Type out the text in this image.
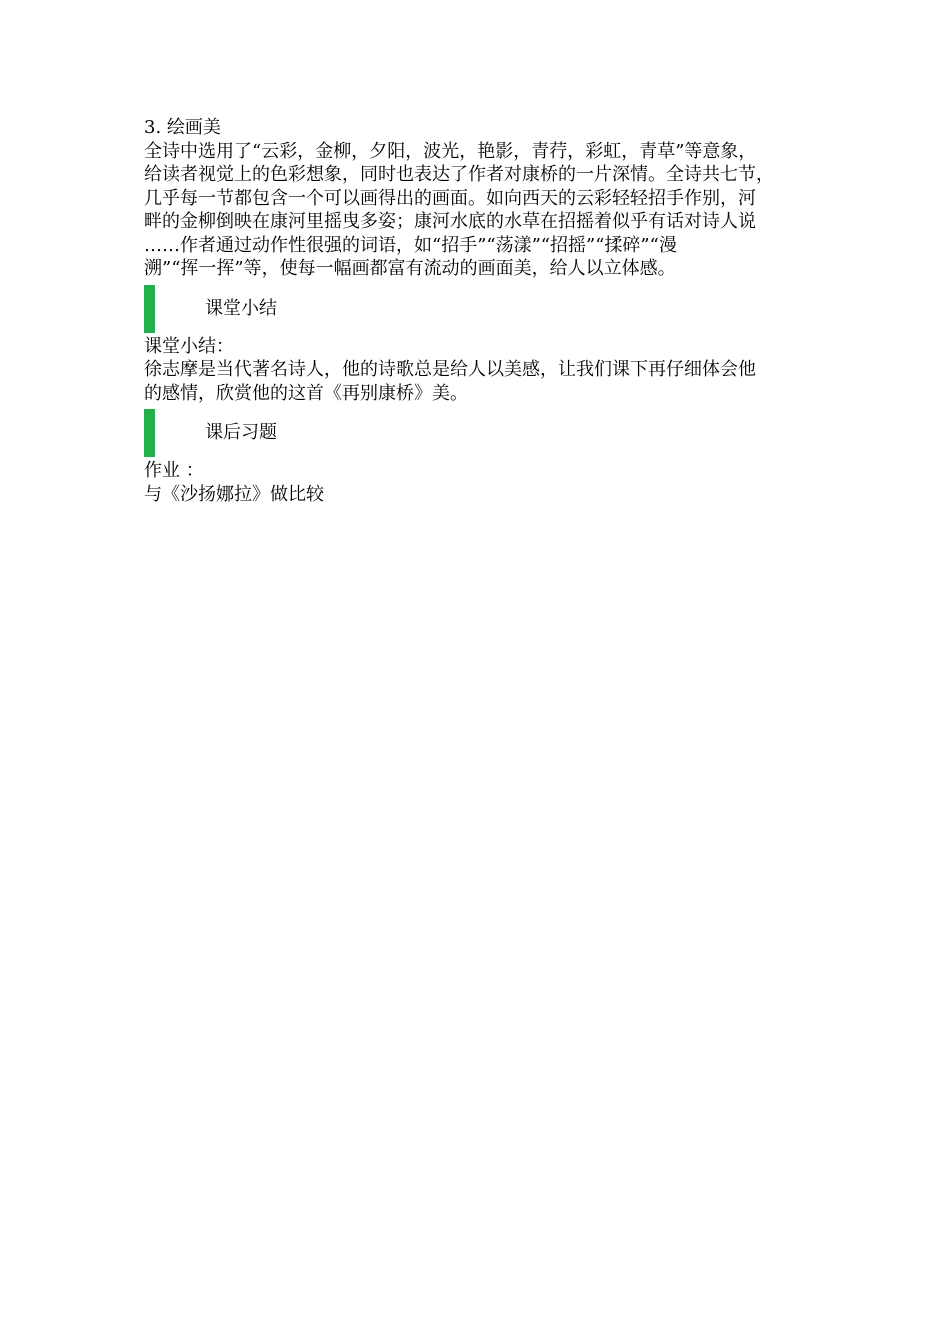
3. 绘画美
全诗中选用了“云彩，金柳，夕阳，波光，艳影，青荇，彩虹，青草”等意象，
给读者视觉上的色彩想象，同时也表达了作者对康桥的一片深情。全诗共七节，
几乎每一节都包含一个可以画得出的画面。如向西天的云彩轻轻招手作别，河
畔的金柳倒映在康河里摇曳多姿；康河水底的水草在招摇着似乎有话对诗人说
……作者通过动作性很强的词语，如“招手”“荡漾”“招摇”“揉碎”“漫
溯”“挥一挥”等，使每一幅画都富有流动的画面美，给人以立体感。
课堂小结
课堂小结：
徐志摩是当代著名诗人，他的诗歌总是给人以美感，让我们课下再仔细体会他
的感情，欣赏他的这首《再别康桥》美。
课后习题
作业 ：
与《沙扬娜拉》做比较
